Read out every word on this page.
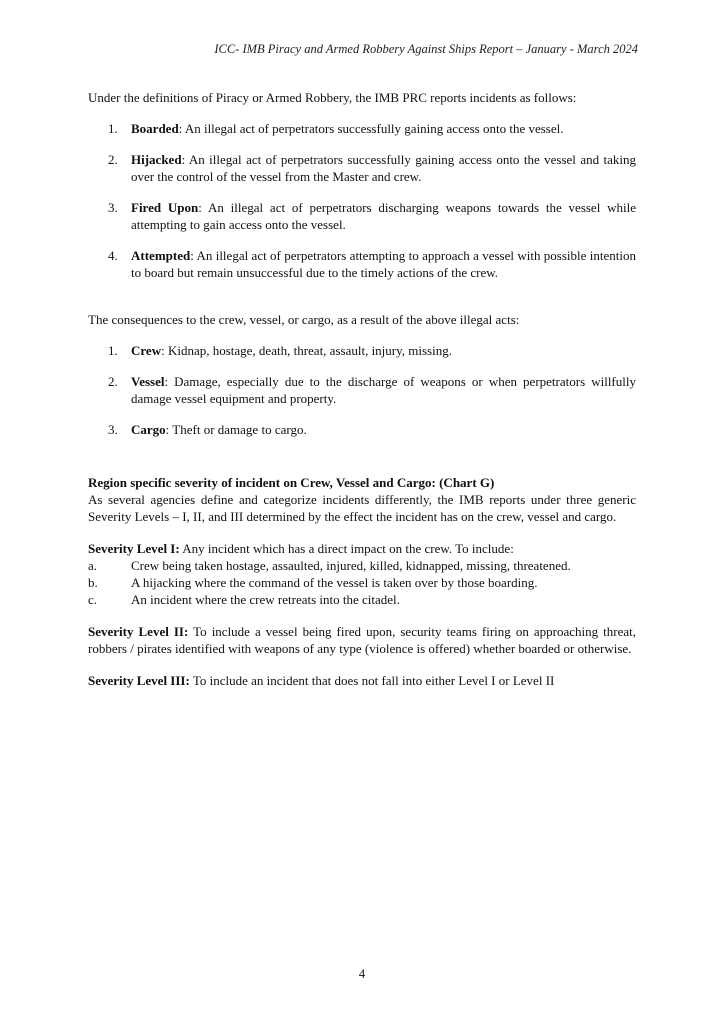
ICC- IMB Piracy and Armed Robbery Against Ships Report – January - March 2024

Under the definitions of Piracy or Armed Robbery, the IMB PRC reports incidents as follows:

1. Boarded: An illegal act of perpetrators successfully gaining access onto the vessel.
2. Hijacked: An illegal act of perpetrators successfully gaining access onto the vessel and taking over the control of the vessel from the Master and crew.
3. Fired Upon: An illegal act of perpetrators discharging weapons towards the vessel while attempting to gain access onto the vessel.
4. Attempted: An illegal act of perpetrators attempting to approach a vessel with possible intention to board but remain unsuccessful due to the timely actions of the crew.

The consequences to the crew, vessel, or cargo, as a result of the above illegal acts:

1. Crew: Kidnap, hostage, death, threat, assault, injury, missing.
2. Vessel: Damage, especially due to the discharge of weapons or when perpetrators willfully damage vessel equipment and property.
3. Cargo: Theft or damage to cargo.

Region specific severity of incident on Crew, Vessel and Cargo: (Chart G)

As several agencies define and categorize incidents differently, the IMB reports under three generic Severity Levels – I, II, and III determined by the effect the incident has on the crew, vessel and cargo.

Severity Level I: Any incident which has a direct impact on the crew. To include:

a.	Crew being taken hostage, assaulted, injured, killed, kidnapped, missing, threatened.
b.	A hijacking where the command of the vessel is taken over by those boarding.
c.	An incident where the crew retreats into the citadel.
Severity Level II: To include a vessel being fired upon, security teams firing on approaching threat, robbers / pirates identified with weapons of any type (violence is offered) whether boarded or otherwise.
Severity Level III: To include an incident that does not fall into either Level I or Level II
4
